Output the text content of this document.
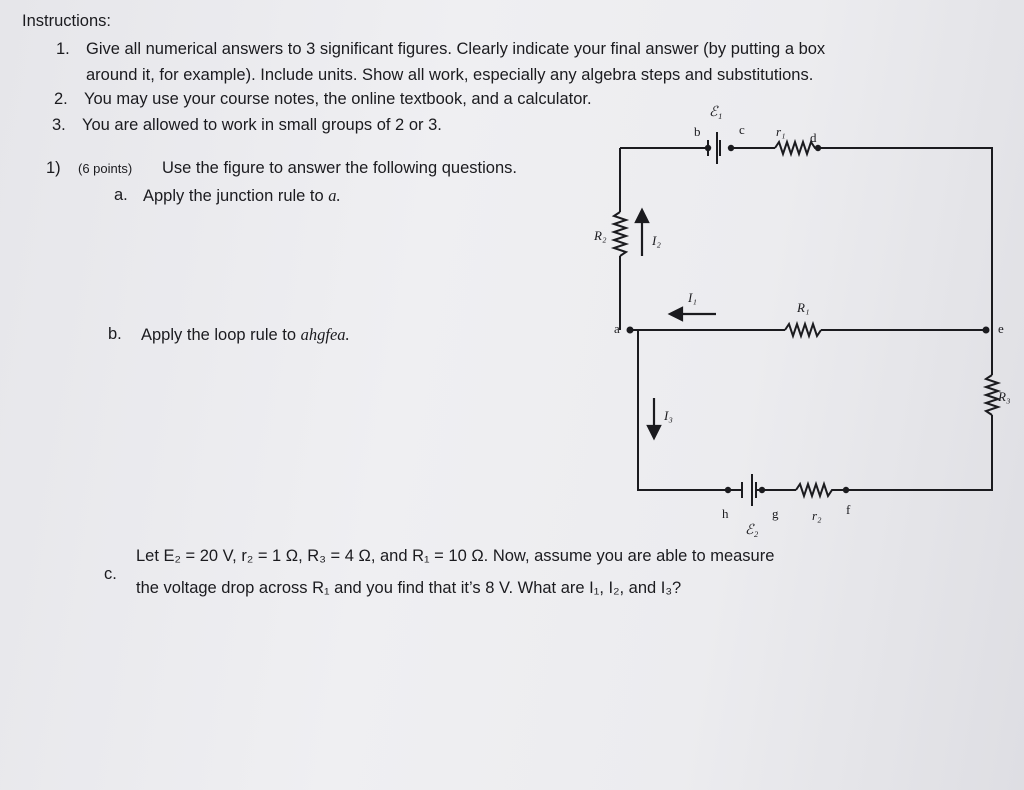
Instructions:
1. Give all numerical answers to 3 significant figures. Clearly indicate your final answer (by putting a box
around it, for example). Include units. Show all work, especially any algebra steps and substitutions.
2. You may use your course notes, the online textbook, and a calculator.
3. You are allowed to work in small groups of 2 or 3.
1) (6 points) Use the figure to answer the following questions.
a. Apply the junction rule to a.
b. Apply the loop rule to ahgfea.
c.
Let E₂ = 20 V, r₂ = 1 Ω, R₃ = 4 Ω, and R₁ = 10 Ω. Now, assume you are able to measure
the voltage drop across R₁ and you find that it’s 8 V. What are I₁, I₂, and I₃?
b
ℰ₁
c r₁ d
R₂	I₂
I₁
R₁
a	e
I₃
R₃
h	g	r₂ f
ℰ₂
